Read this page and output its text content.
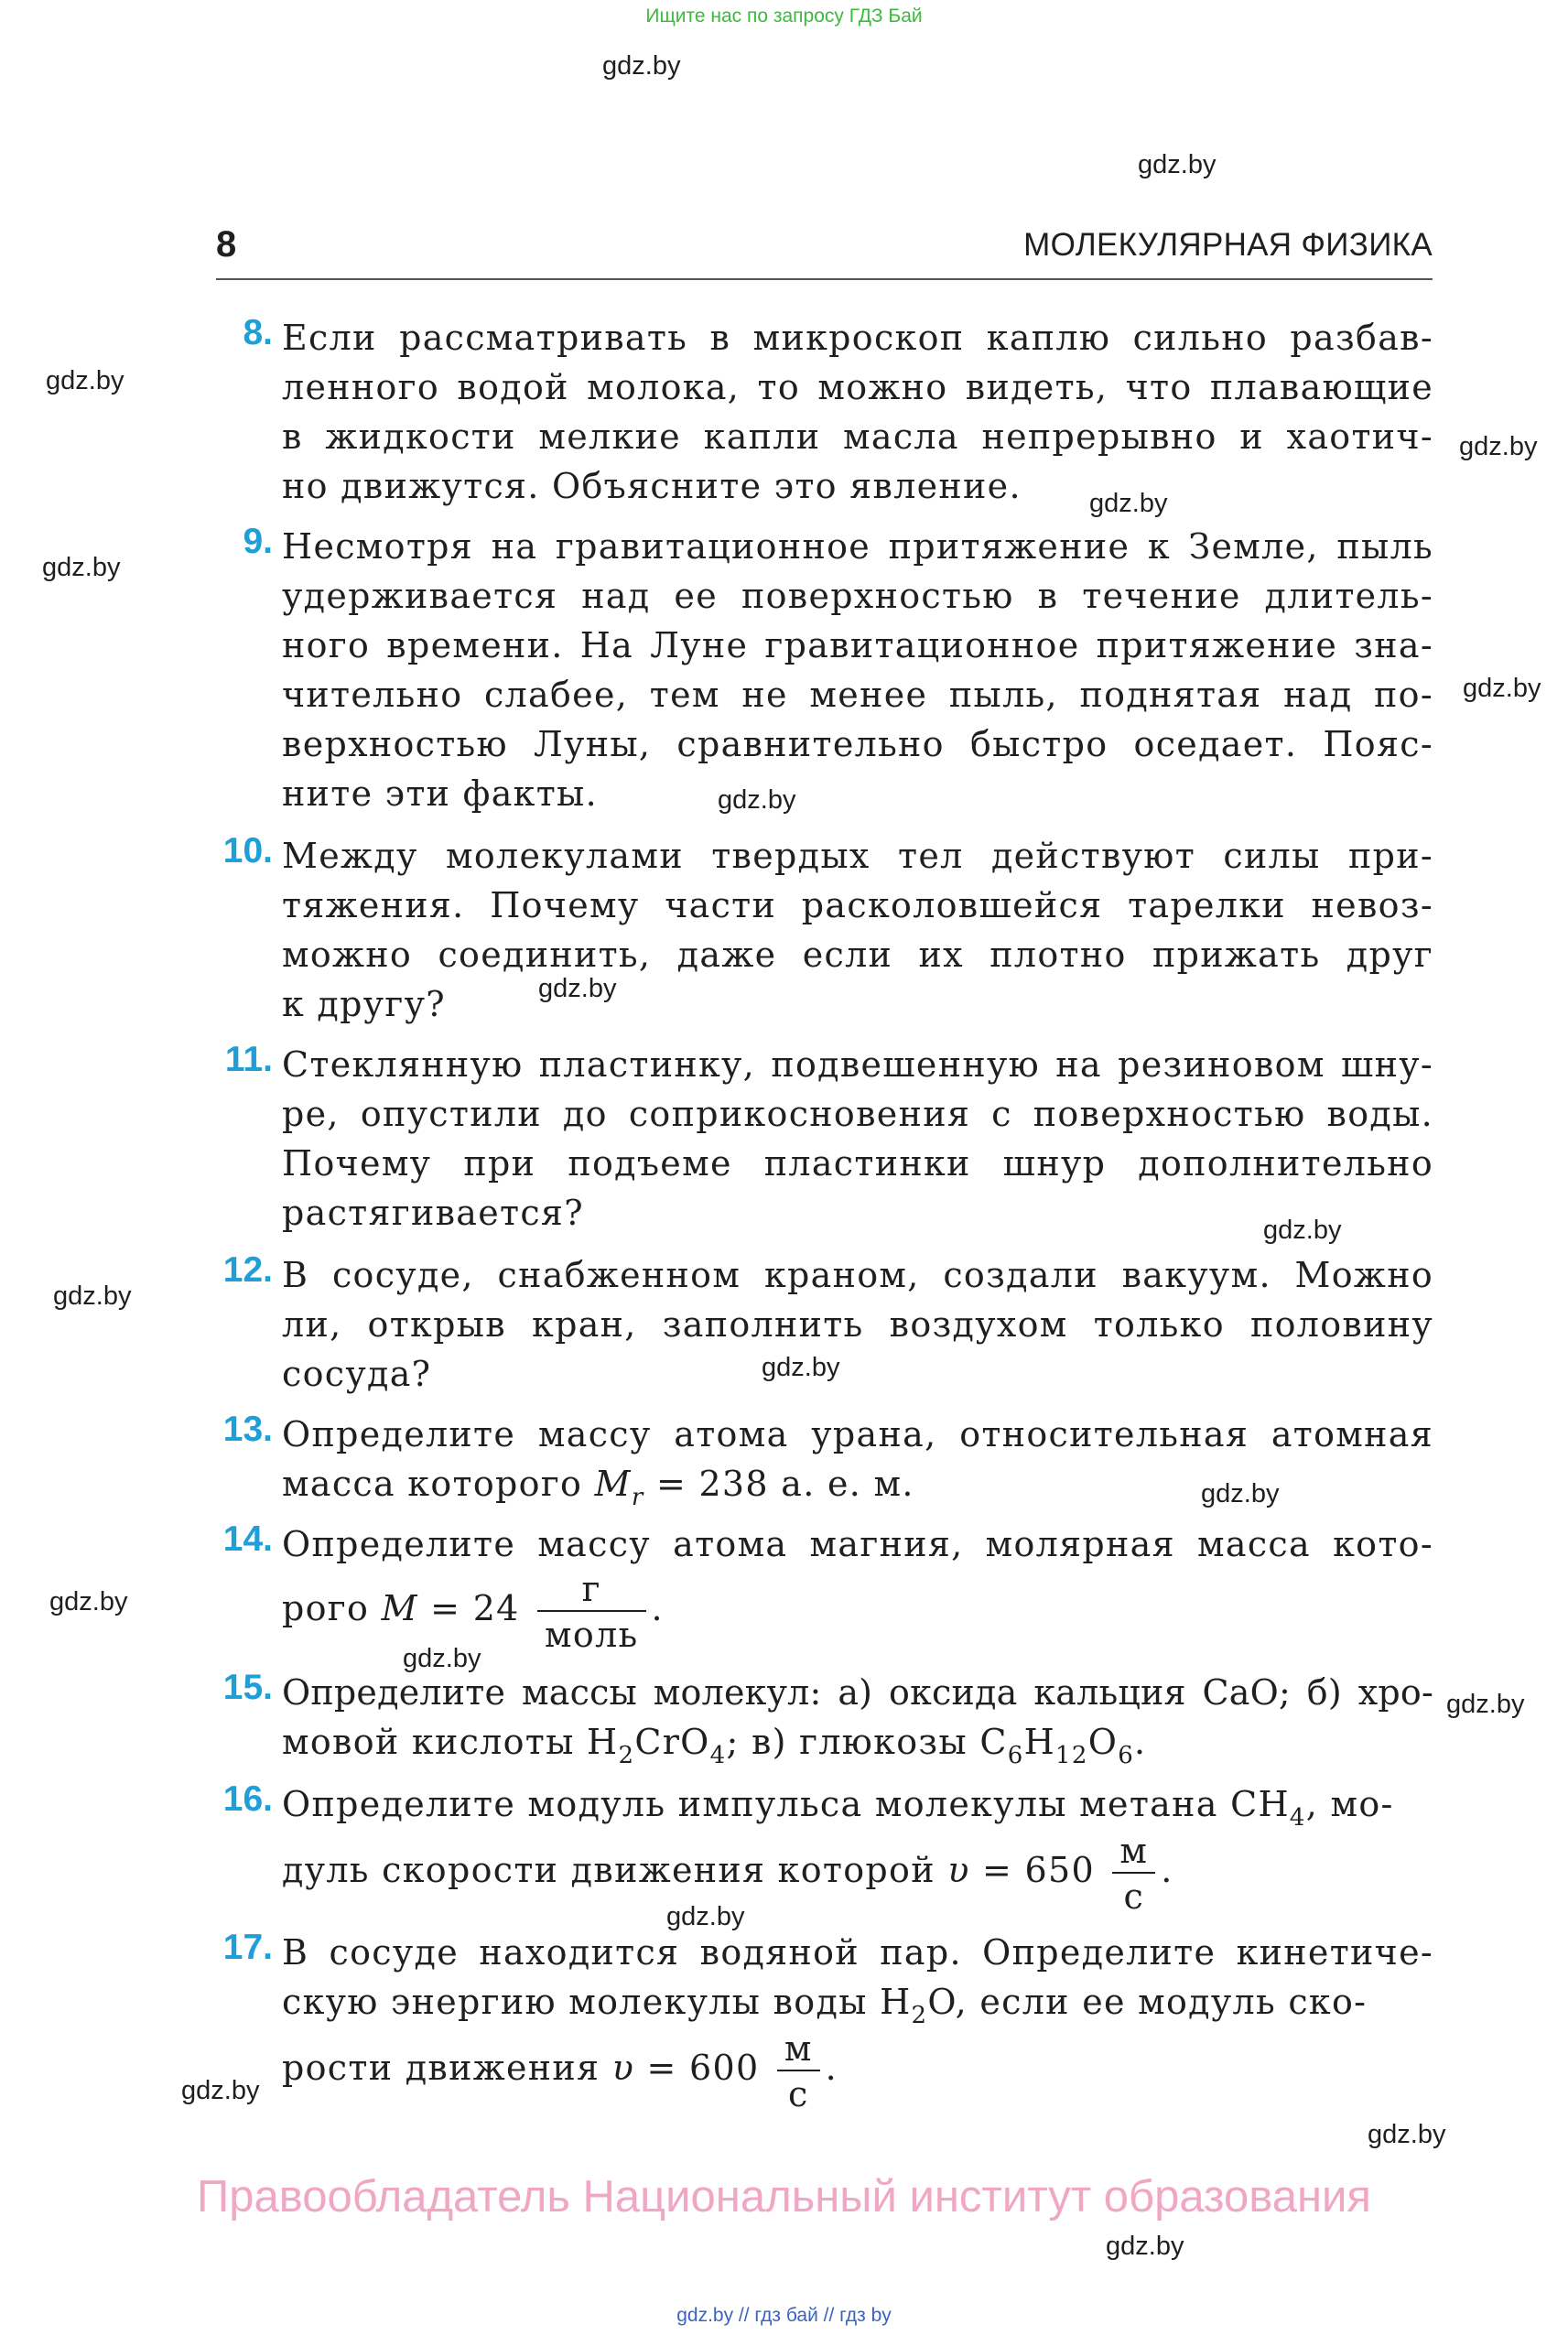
Ищите нас по запросу ГДЗ Бай
gdz.by
gdz.by
gdz.by
gdz.by
gdz.by
gdz.by
gdz.by
gdz.by
gdz.by
gdz.by
gdz.by
gdz.by
gdz.by
gdz.by
gdz.by
gdz.by
gdz.by
gdz.by
gdz.by
gdz.by
8	МОЛЕКУЛЯРНАЯ ФИЗИКА
8. Если рассматривать в микроскоп каплю сильно разбав-
ленного водой молока, то можно видеть, что плавающие
в жидкости мелкие капли масла непрерывно и хаотич-
но движутся. Объясните это явление.
9. Несмотря на гравитационное притяжение к Земле, пыль
удерживается над ее поверхностью в течение длитель-
ного времени. На Луне гравитационное притяжение зна-
чительно слабее, тем не менее пыль, поднятая над по-
верхностью Луны, сравнительно быстро оседает. Пояс-
ните эти факты.
10. Между молекулами твердых тел действуют силы при-
тяжения. Почему части расколовшейся тарелки невоз-
можно соединить, даже если их плотно прижать друг
к другу?
11. Стеклянную пластинку, подвешенную на резиновом шну-
ре, опустили до соприкосновения с поверхностью воды.
Почему при подъеме пластинки шнур дополнительно
растягивается?
12. В сосуде, снабженном краном, создали вакуум. Можно
ли, открыв кран, заполнить воздухом только половину
сосуда?
13. Определите массу атома урана, относительная атомная
масса которого $M_r = 238$ а. е. м.
14. Определите массу атома магния, молярная масса кото-
рого $M = 24 \frac{г}{\text{моль}}$ .
15. Определите массы молекул: а) оксида кальция CaO; б) хро-
мовой кислоты $H_2CrO_4$; в) глюкозы $C_6H_{12}O_6$.
16. Определите модуль импульса молекулы метана $CH_4$, мо-
дуль скорости движения которой $\upsilon = 650 \frac{м}{с}$ .
17. В сосуде находится водяной пар. Определите кинетиче-
скую энергию молекулы воды $H_2O$, если ее модуль ско-
рости движения $\upsilon = 600 \frac{м}{с}$ .
Правообладатель Национальный институт образования
gdz.by // гдз бай // гдз by
